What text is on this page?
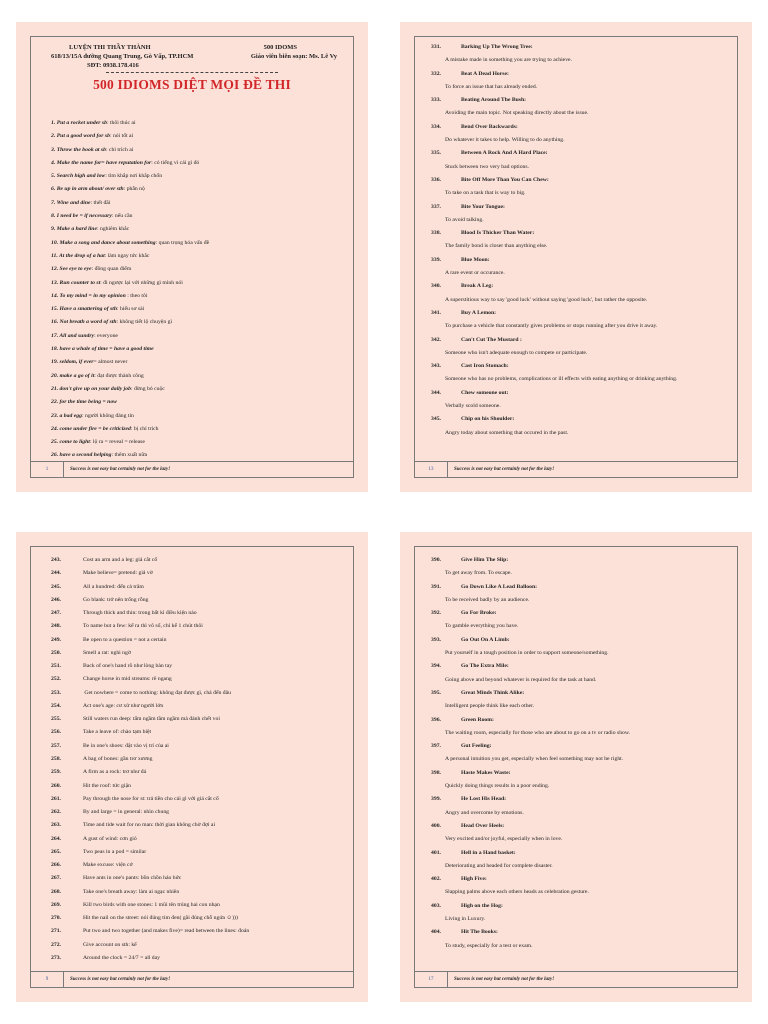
LUYỆN THI THẦY THÀNH	500 IDOMS
618/13/15A đường Quang Trung, Gò Vấp, TP.HCM	Giáo viên biên soạn: Ms. Lê Vy
SĐT: 0938.178.416
500 IDIOMS DIỆT MỌI ĐỀ THI
1. Put a rocket under sb: thôi thúc ai
2. Put a good word for sb: nói tốt ai
3. Throw the book at sb: chỉ trích ai
4. Make the name for= have reputation for: có tiếng vì cái gì đó
5. Search high and low: tìm khắp nơi khắp chốn
6. Be up in arm about/ over sth: phẫn nộ
7. Wine and dine: thết đãi
8. I need be = if necessary: nếu cần
9. Make a hard line: nghiêm khắc
10. Make a song and dance about something: quan trọng hóa vấn đề
11. At the drop of a hat: làm ngay tức khắc
12. See eye to eye: đồng quan điểm
13. Run counter to st: đi ngược lại với những gì mình nói
14. To my mind = in my opinion : theo tôi
15. Have a smattering of sth: hiểu sơ sài
16. Not breath a word of sth: không tiết lộ chuyện gì
17. All and sundry: everyone
18. have a whale of time = have a good time
19. seldom, if ever= almost never
20. make a go of it: đạt được thành công
21. don't give up on your daily job: đừng bỏ cuộc
22. for the time being = now
23. a bad egg: người không đáng tin
24. come under fire = be criticized: bị chỉ trích
25. come to light: lộ ra = reveal = release
26. have a second helping: thêm xuất nữa
1	Success is not easy but certainly not for the lazy!
331.	Barking Up The Wrong Tree:
A mistake made in something you are trying to achieve.
332.	Beat A Dead Horse:
To force an issue that has already ended.
333.	Beating Around The Bush:
Avoiding the main topic. Not speaking directly about the issue.
334.	Bend Over Backwards:
Do whatever it takes to help. Willing to do anything.
335.	Between A Rock And A Hard Place:
Stuck between two very bad options.
336.	Bite Off More Than You Can Chew:
To take on a task that is way to big.
337.	Bite Your Tongue:
To avoid talking.
338.	Blood Is Thicker Than Water:
The family bond is closer than anything else.
339.	Blue Moon:
A rare event or occurance.
340.	Break A Leg:
A superstitious way to say 'good luck' without saying 'good luck', but rather the opposite.
341.	Buy A Lemon:
To purchase a vehicle that constantly gives problems or stops running after you drive it away.
342.	Can't Cut The Mustard :
Someone who isn't adequate enough to compete or participate.
343.	Cast Iron Stomach:
Someone who has no problems, complications or ill effects with eating anything or drinking anything.
344.	Chew someone out:
Verbally scold someone.
345.	Chip on his Shoulder:
Angry today about something that occured in the past.
13	Success is not easy but certainly not for the lazy!
243.	Cost an arm and a leg: giá cắt cổ
244.	Make believe= pretend: giả vờ
245.	All a hundred: đến cả trăm
246.	Go blank: trở nên trống rỗng
247.	Through thick and thin: trong bất kì điều kiện nào
248.	To name but a few: kể ra thì vô số, chỉ kể 1 chút thôi
249.	Be open to a question = not a certain
250.	Smell a rat: nghi ngờ
251.	Back of one's hand rõ như lòng bàn tay
252.	Change horse in mid streams: rẽ ngang
253.	Get nowhere = come to nothing: không đạt được gì, chả đến đâu
254.	Act one's age: cư xử như người lớn
255.	Still waters run deep: tẩm ngầm tầm ngầm mà đánh chết voi
256.	Take a leave of: chào tạm biệt
257.	Be in one's shoes: đặt vào vị trí của ai
258.	A bag of bones: gần trơ xương
259.	A firm as a rock: trơ như đá
260.	Hit the roof: tức giận
261.	Pay through the nose for st: trả tiền cho cái gì với giá cắt cổ
262.	By and large = in general: nhìn chung
263.	Time and tide wait for no man: thời gian không chờ đợi ai
264.	A gust of wind: cơn gió
265.	Two peas in a pod = similar
266.	Make excuse: viện cớ
267.	Have ants in one's pants: bồn chồn háo hức
268.	Take one's breath away: làm ai ngạc nhiên
269.	Kill two birds with one stones: 1 mũi tên trúng hai con nhạn
270.	Hit the nail on the street: nói đúng tim đen( gãi đúng chỗ ngứa ☺)))
271.	Put two and two together (and makes five)= read between the lines: đoán
272.	Give account on sth: kể
273.	Around the clock = 24/7 = all day
9	Success is not easy but certainly not for the lazy!
390.	Give Him The Slip:
To get away from. To escape.
391.	Go Down Like A Lead Balloon:
To be received badly by an audience.
392.	Go For Broke:
To gamble everything you have.
393.	Go Out On A Limb:
Put yourself in a tough position in order to support someone/something.
394.	Go The Extra Mile:
Going above and beyond whatever is required for the task at hand.
395.	Great Minds Think Alike:
Intelligent people think like each other.
396.	Green Room:
The waiting room, especially for those who are about to go on a tv or radio show.
397.	Gut Feeling:
A personal intuition you get, especially when feel something may not be right.
398.	Haste Makes Waste:
Quickly doing things results in a poor ending.
399.	He Lost His Head:
Angry and overcome by emotions.
400.	Head Over Heels:
Very excited and/or joyful, especially when in love.
401.	Hell in a Hand basket:
Deteriorating and headed for complete disaster.
402.	High Five:
Slapping palms above each others heads as celebration gesture.
403.	High on the Hog:
Living in Luxury.
404.	Hit The Books:
To study, especially for a test or exam.
17	Success is not easy but certainly not for the lazy!
